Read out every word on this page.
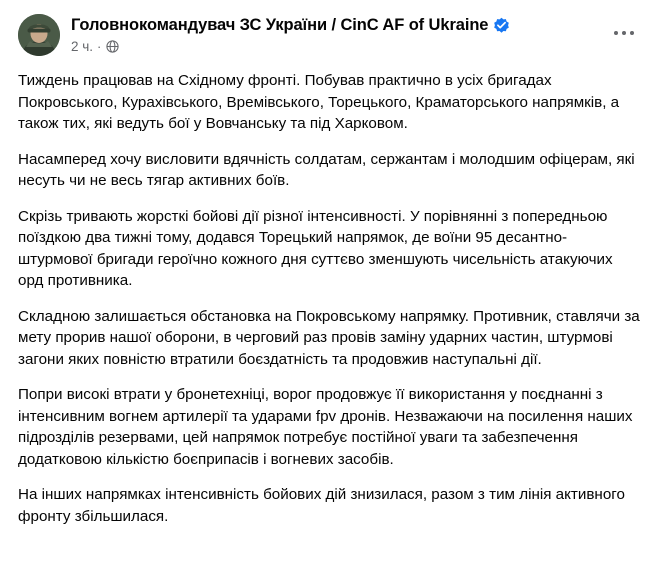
Головнокомандувач ЗС України / CinC AF of Ukraine
2 ч. ·

Тиждень працював на Східному фронті. Побував практично в усіх бригадах Покровського, Курахівського, Времівського, Торецького, Краматорського напрямків, а також тих, які ведуть бої у Вовчанську та під Харковом.

Насамперед хочу висловити вдячність солдатам, сержантам і молодшим офіцерам, які несуть чи не весь тягар активних боїв.

Скрізь тривають жорсткі бойові дії різної інтенсивності. У порівнянні з попередньою поїздкою два тижні тому, додався Торецький напрямок, де воїни 95 десантно-штурмової бригади героїчно кожного дня суттєво зменшують чисельність атакуючих орд противника.

Складною залишається обстановка на Покровському напрямку. Противник, ставлячи за мету прорив нашої оборони, в черговий раз провів заміну ударних частин, штурмові загони яких повністю втратили боєздатність та продовжив наступальні дії.

Попри високі втрати у бронетехніці, ворог продовжує її використання у поєднанні з інтенсивним вогнем артилерії та ударами fpv дронів. Незважаючи на посилення наших підрозділів резервами, цей напрямок потребує постійної уваги та забезпечення додатковою кількістю боєприпасів і вогневих засобів.

На інших напрямках інтенсивність бойових дій знизилася, разом з тим лінія активного фронту збільшилася.
